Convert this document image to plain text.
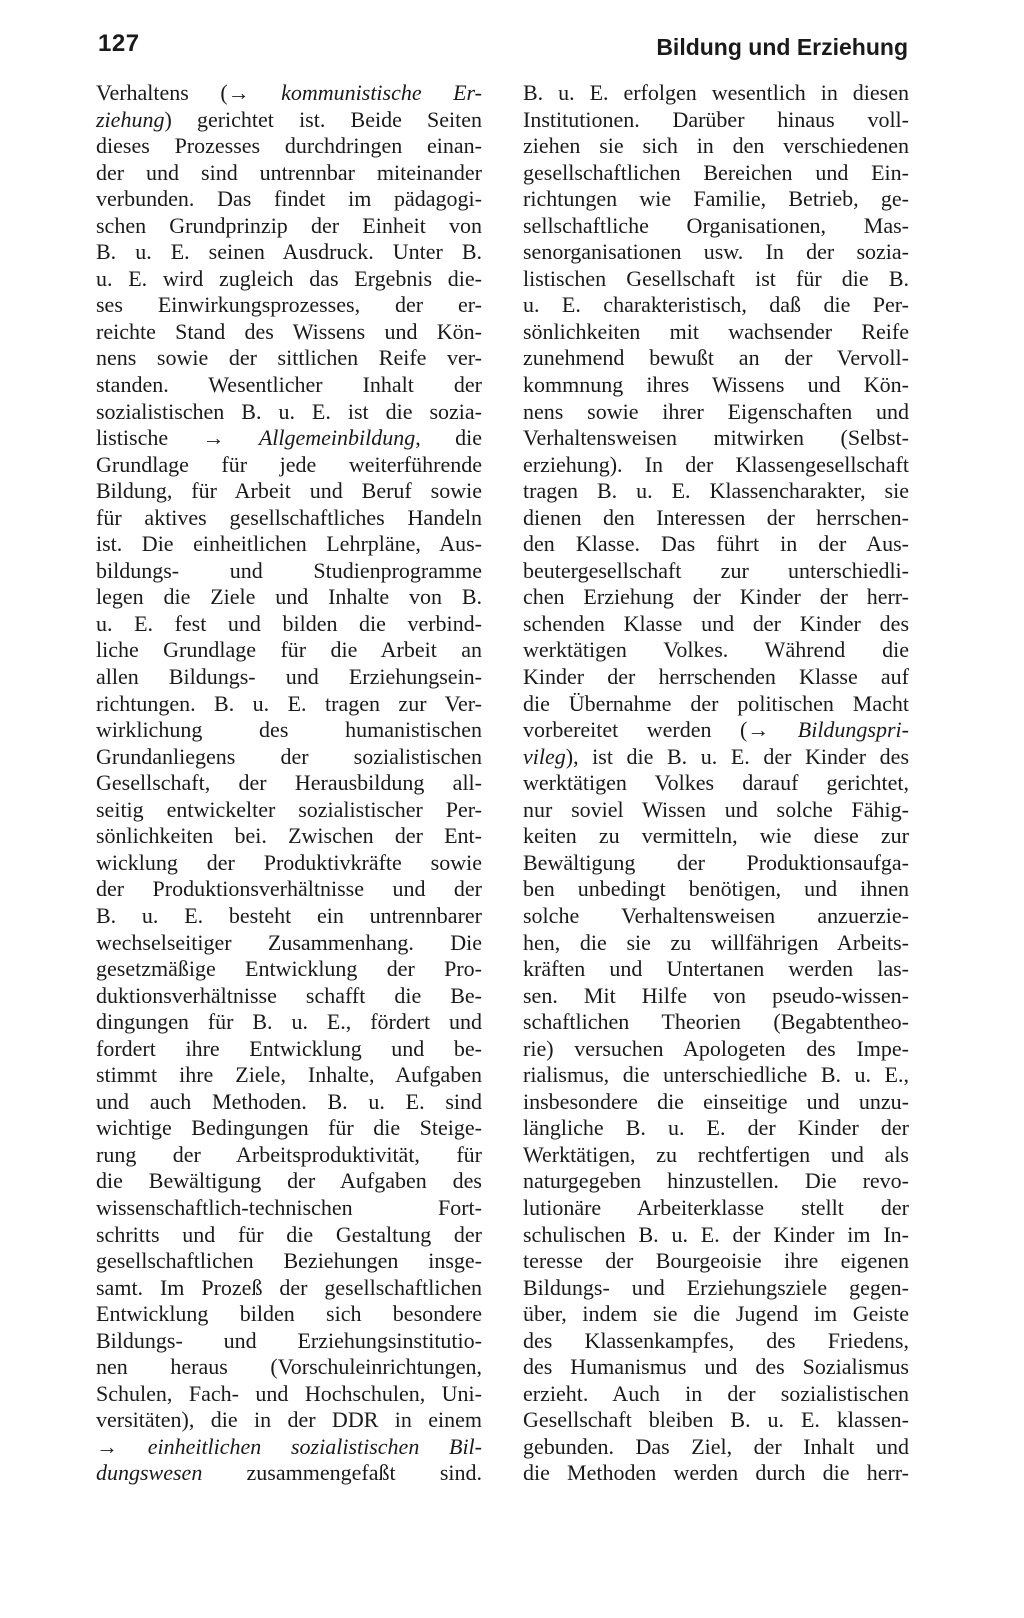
127	Bildung und Erziehung
Verhaltens (→ kommunistische Er-
ziehung) gerichtet ist. Beide Seiten
dieses Prozesses durchdringen einan-
der und sind untrennbar miteinander
verbunden. Das findet im pädagogi-
schen Grundprinzip der Einheit von
B. u. E. seinen Ausdruck. Unter B.
u. E. wird zugleich das Ergebnis die-
ses Einwirkungsprozesses, der er-
reichte Stand des Wissens und Kön-
nens sowie der sittlichen Reife ver-
standen. Wesentlicher Inhalt der
sozialistischen B. u. E. ist die sozia-
listische → Allgemeinbildung, die
Grundlage für jede weiterführende
Bildung, für Arbeit und Beruf sowie
für aktives gesellschaftliches Handeln
ist. Die einheitlichen Lehrpläne, Aus-
bildungs- und Studienprogramme
legen die Ziele und Inhalte von B.
u. E. fest und bilden die verbind-
liche Grundlage für die Arbeit an
allen Bildungs- und Erziehungsein-
richtungen. B. u. E. tragen zur Ver-
wirklichung des humanistischen
Grundanliegens der sozialistischen
Gesellschaft, der Herausbildung all-
seitig entwickelter sozialistischer Per-
sönlichkeiten bei. Zwischen der Ent-
wicklung der Produktivkräfte sowie
der Produktionsverhältnisse und der
B. u. E. besteht ein untrennbarer
wechselseitiger Zusammenhang. Die
gesetzmäßige Entwicklung der Pro-
duktionsverhältnisse schafft die Be-
dingungen für B. u. E., fördert und
fordert ihre Entwicklung und be-
stimmt ihre Ziele, Inhalte, Aufgaben
und auch Methoden. B. u. E. sind
wichtige Bedingungen für die Steige-
rung der Arbeitsproduktivität, für
die Bewältigung der Aufgaben des
wissenschaftlich-technischen Fort-
schritts und für die Gestaltung der
gesellschaftlichen Beziehungen insge-
samt. Im Prozeß der gesellschaftlichen
Entwicklung bilden sich besondere
Bildungs- und Erziehungsinstitutio-
nen heraus (Vorschuleinrichtungen,
Schulen, Fach- und Hochschulen, Uni-
versitäten), die in der DDR in einem
→ einheitlichen sozialistischen Bil-
dungswesen zusammengefaßt sind.
B. u. E. erfolgen wesentlich in diesen
Institutionen. Darüber hinaus voll-
ziehen sie sich in den verschiedenen
gesellschaftlichen Bereichen und Ein-
richtungen wie Familie, Betrieb, ge-
sellschaftliche Organisationen, Mas-
senorganisationen usw. In der sozia-
listischen Gesellschaft ist für die B.
u. E. charakteristisch, daß die Per-
sönlichkeiten mit wachsender Reife
zunehmend bewußt an der Vervoll-
kommnung ihres Wissens und Kön-
nens sowie ihrer Eigenschaften und
Verhaltensweisen mitwirken (Selbst-
erziehung). In der Klassengesellschaft
tragen B. u. E. Klassencharakter, sie
dienen den Interessen der herrschen-
den Klasse. Das führt in der Aus-
beutergesellschaft zur unterschiedli-
chen Erziehung der Kinder der herr-
schenden Klasse und der Kinder des
werktätigen Volkes. Während die
Kinder der herrschenden Klasse auf
die Übernahme der politischen Macht
vorbereitet werden (→ Bildungspri-
vileg), ist die B. u. E. der Kinder des
werktätigen Volkes darauf gerichtet,
nur soviel Wissen und solche Fähig-
keiten zu vermitteln, wie diese zur
Bewältigung der Produktionsaufga-
ben unbedingt benötigen, und ihnen
solche Verhaltensweisen anzuerzie-
hen, die sie zu willfährigen Arbeits-
kräften und Untertanen werden las-
sen. Mit Hilfe von pseudo-wissen-
schaftlichen Theorien (Begabtentheo-
rie) versuchen Apologeten des Impe-
rialismus, die unterschiedliche B. u. E.,
insbesondere die einseitige und unzu-
längliche B. u. E. der Kinder der
Werktätigen, zu rechtfertigen und als
naturgegeben hinzustellen. Die revo-
lutionäre Arbeiterklasse stellt der
schulischen B. u. E. der Kinder im In-
teresse der Bourgeoisie ihre eigenen
Bildungs- und Erziehungsziele gegen-
über, indem sie die Jugend im Geiste
des Klassenkampfes, des Friedens,
des Humanismus und des Sozialismus
erzieht. Auch in der sozialistischen
Gesellschaft bleiben B. u. E. klassen-
gebunden. Das Ziel, der Inhalt und
die Methoden werden durch die herr-
